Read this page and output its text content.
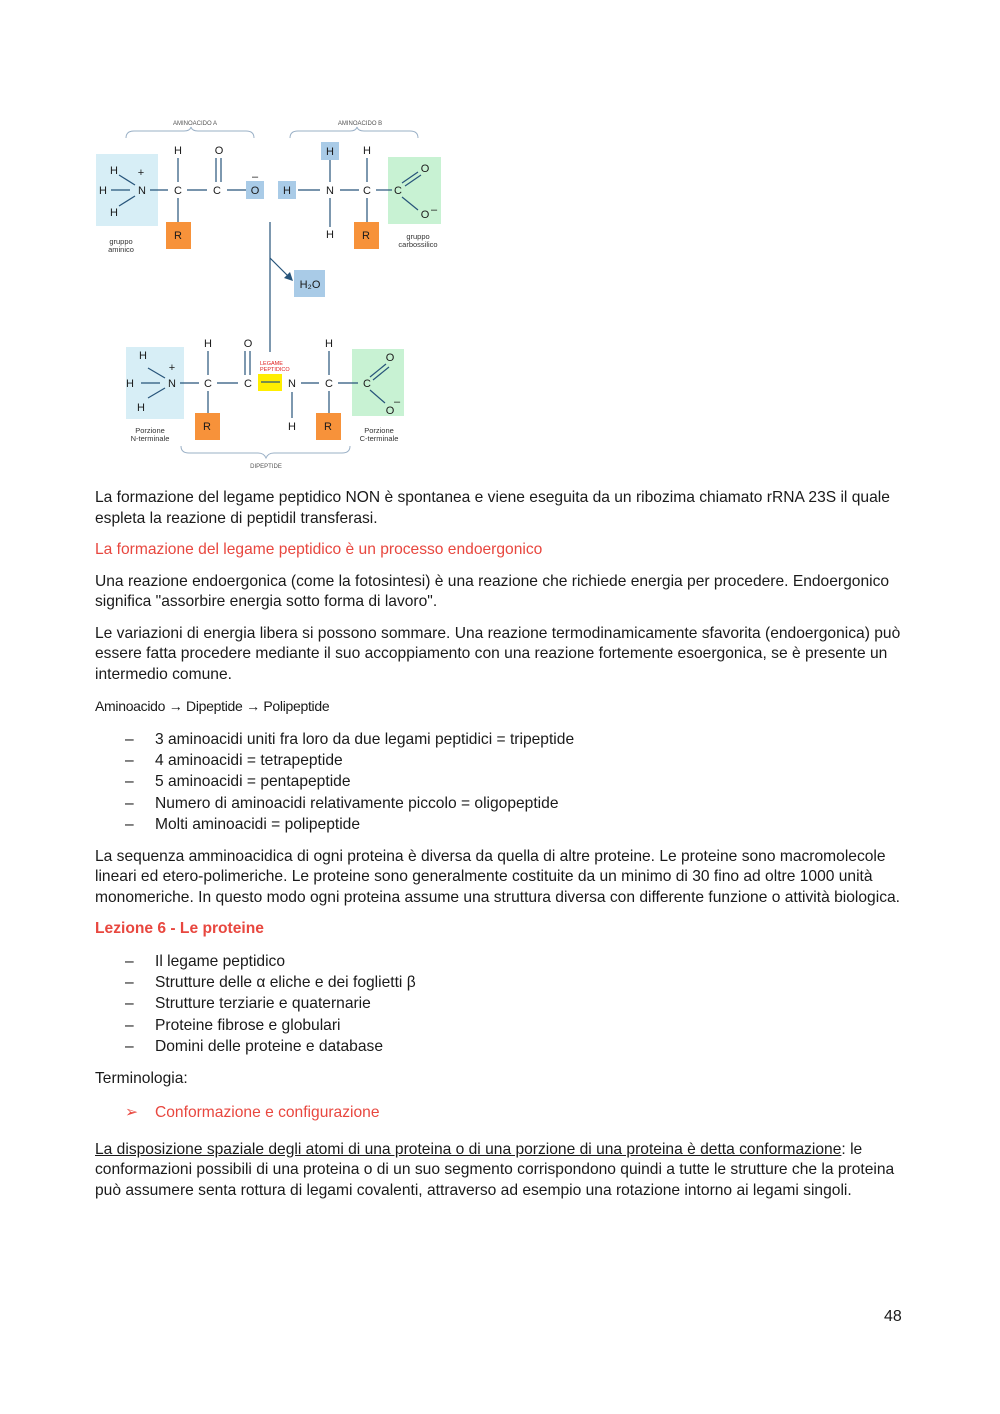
AMINOACIDO A	AMINOACIDO B
H +
H	N
H
H
C
R
O
C
–
O H
H
N
H
H
C
R
C
O
O –
gruppo
aminico
gruppo
carbossilico
H₂O
H
+
H	N
H
H
C
R
O
C	N
H
H
C
R
C
O
O
–
LEGAME
PEPTIDICO
Porzione
N-terminale
Porzione
C-terminale
DIPEPTIDE

La formazione del legame peptidico NON è spontanea e viene eseguita da un ribozima chiamato rRNA 23S il quale espleta la reazione di peptidil transferasi.

La formazione del legame peptidico è un processo endoergonico

Una reazione endoergonica (come la fotosintesi) è una reazione che richiede energia per procedere. Endoergonico significa "assorbire energia sotto forma di lavoro".

Le variazioni di energia libera si possono sommare. Una reazione termodinamicamente sfavorita (endoergonica) può essere fatta procedere mediante il suo accoppiamento con una reazione fortemente esoergonica, se è presente un intermedio comune.

Aminoacido → Dipeptide → Polipeptide

– 3 aminoacidi uniti fra loro da due legami peptidici = tripeptide
– 4 aminoacidi = tetrapeptide
– 5 aminoacidi = pentapeptide
– Numero di aminoacidi relativamente piccolo = oligopeptide
– Molti aminoacidi = polipeptide

La sequenza amminoacidica di ogni proteina è diversa da quella di altre proteine. Le proteine sono macromolecole lineari ed etero-polimeriche. Le proteine sono generalmente costituite da un minimo di 30 fino ad oltre 1000 unità monomeriche. In questo modo ogni proteina assume una struttura diversa con differente funzione o attività biologica.

Lezione 6 - Le proteine

– Il legame peptidico
– Strutture delle α eliche e dei foglietti β
– Strutture terziarie e quaternarie
– Proteine fibrose e globulari
– Domini delle proteine e database

Terminologia:

➢ Conformazione e configurazione

La disposizione spaziale degli atomi di una proteina o di una porzione di una proteina è detta conformazione: le conformazioni possibili di una proteina o di un suo segmento corrispondono quindi a tutte le strutture che la proteina può assumere senta rottura di legami covalenti, attraverso ad esempio una rotazione intorno ai legami singoli.

48
